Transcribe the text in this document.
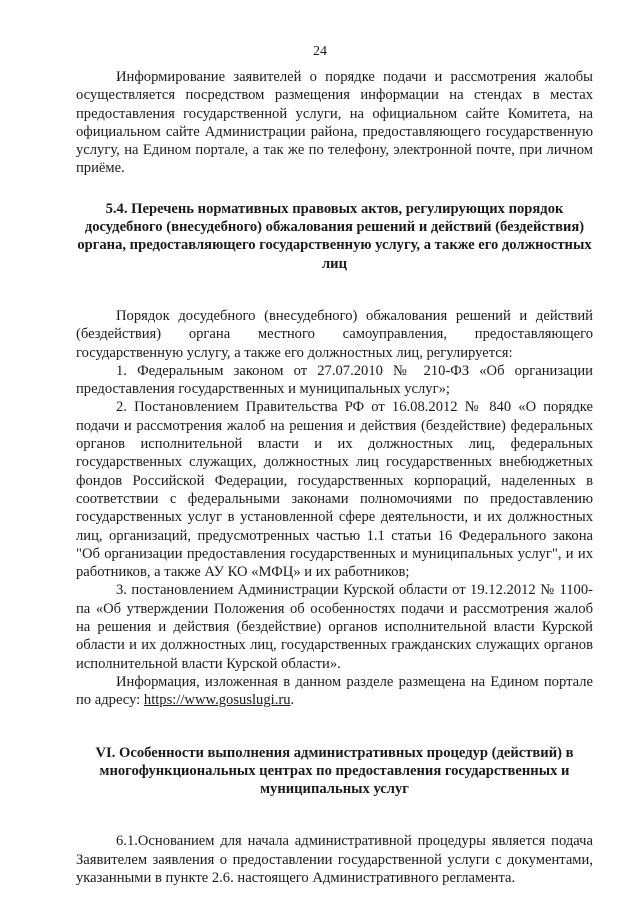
24

Информирование заявителей о порядке подачи и рассмотрения жалобы осуществляется посредством размещения информации на стендах в местах предоставления государственной услуги, на официальном сайте Комитета, на официальном сайте Администрации района, предоставляющего государственную услугу, на Едином портале, а так же по телефону, электронной почте, при личном приёме.

5.4. Перечень нормативных правовых актов, регулирующих порядок досудебного (внесудебного) обжалования решений и действий (бездействия) органа, предоставляющего государственную услугу, а также его должностных лиц

Порядок досудебного (внесудебного) обжалования решений и действий (бездействия) органа местного самоуправления, предоставляющего государственную услугу, а также его должностных лиц, регулируется:

1. Федеральным законом от 27.07.2010 № 210-ФЗ «Об организации предоставления государственных и муниципальных услуг»;

2. Постановлением Правительства РФ от 16.08.2012 № 840 «О порядке подачи и рассмотрения жалоб на решения и действия (бездействие) федеральных органов исполнительной власти и их должностных лиц, федеральных государственных служащих, должностных лиц государственных внебюджетных фондов Российской Федерации, государственных корпораций, наделенных в соответствии с федеральными законами полномочиями по предоставлению государственных услуг в установленной сфере деятельности, и их должностных лиц, организаций, предусмотренных частью 1.1 статьи 16 Федерального закона "Об организации предоставления государственных и муниципальных услуг", и их работников, а также АУ КО «МФЦ» и их работников;

3. постановлением Администрации Курской области от 19.12.2012 № 1100-па «Об утверждении Положения об особенностях подачи и рассмотрения жалоб на решения и действия (бездействие) органов исполнительной власти Курской области и их должностных лиц, государственных гражданских служащих органов исполнительной власти Курской области».

Информация, изложенная в данном разделе размещена на Едином портале по адресу: https://www.gosuslugi.ru.

VI. Особенности выполнения административных процедур (действий) в многофункциональных центрах по предоставления государственных и муниципальных услуг

6.1.Основанием для начала административной процедуры является подача Заявителем заявления о предоставлении государственной услуги с документами, указанными в пункте 2.6. настоящего Административного регламента.
